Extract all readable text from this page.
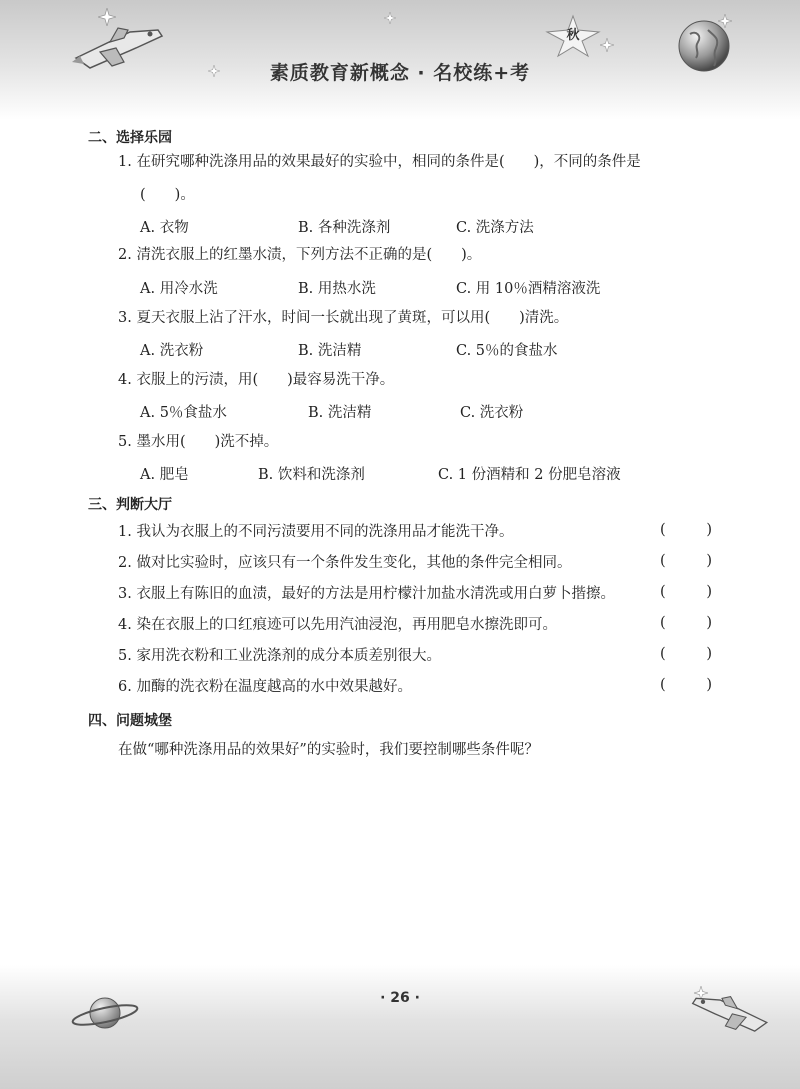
秋
素质教育新概念 · 名校练+考
二、选择乐园
1. 在研究哪种洗涤用品的效果最好的实验中，相同的条件是(　　)，不同的条件是
(　　)。
A. 衣物	B. 各种洗涤剂	C. 洗涤方法
2. 清洗衣服上的红墨水渍，下列方法不正确的是(　　)。
A. 用冷水洗	B. 用热水洗	C. 用 10％酒精溶液洗
3. 夏天衣服上沾了汗水，时间一长就出现了黄斑，可以用(　　)清洗。
A. 洗衣粉	B. 洗洁精	C. 5％的食盐水
4. 衣服上的污渍，用(　　)最容易洗干净。
A. 5％食盐水	B. 洗洁精	C. 洗衣粉
5. 墨水用(　　)洗不掉。
A. 肥皂	B. 饮料和洗涤剂	C. 1 份酒精和 2 份肥皂溶液
三、判断大厅
1. 我认为衣服上的不同污渍要用不同的洗涤用品才能洗干净。	(	)
2. 做对比实验时，应该只有一个条件发生变化，其他的条件完全相同。	(	)
3. 衣服上有陈旧的血渍，最好的方法是用柠檬汁加盐水清洗或用白萝卜揩擦。	(	)
4. 染在衣服上的口红痕迹可以先用汽油浸泡，再用肥皂水擦洗即可。	(	)
5. 家用洗衣粉和工业洗涤剂的成分本质差别很大。	(	)
6. 加酶的洗衣粉在温度越高的水中效果越好。	(	)
四、问题城堡
在做“哪种洗涤用品的效果好”的实验时，我们要控制哪些条件呢？
· 26 ·
